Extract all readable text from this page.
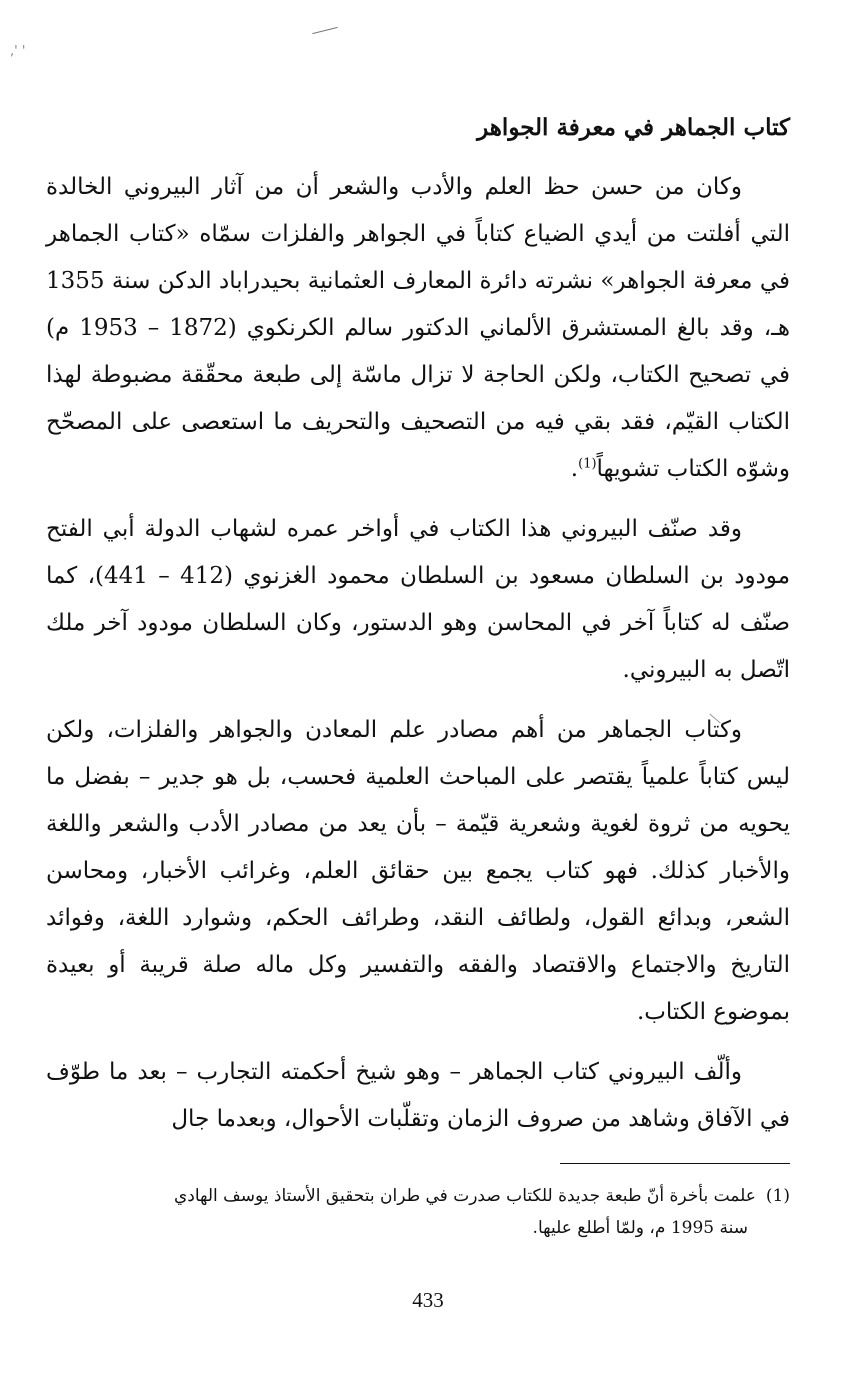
,' '
كتاب الجماهر في معرفة الجواهر

وكان من حسن حظ العلم والأدب والشعر أن من آثار البيروني الخالدة التي أفلتت من أيدي الضياع كتاباً في الجواهر والفلزات سمّاه «كتاب الجماهر في معرفة الجواهر» نشرته دائرة المعارف العثمانية بحيدراباد الدكن سنة 1355 هـ، وقد بالغ المستشرق الألماني الدكتور سالم الكرنكوي (1872 – 1953 م) في تصحيح الكتاب، ولكن الحاجة لا تزال ماسّة إلى طبعة محقّقة مضبوطة لهذا الكتاب القيّم، فقد بقي فيه من التصحيف والتحريف ما استعصى على المصحّح وشوّه الكتاب تشويهاً$^{(1)}$.

وقد صنّف البيروني هذا الكتاب في أواخر عمره لشهاب الدولة أبي الفتح مودود بن السلطان مسعود بن السلطان محمود الغزنوي (412 – 441)، كما صنّف له كتاباً آخر في المحاسن وهو الدستور، وكان السلطان مودود آخر ملك اتّصل به البيروني.

وكتاب الجماهر من أهم مصادر علم المعادن والجواهر والفلزات، ولكن ليس كتاباً علمياً يقتصر على المباحث العلمية فحسب، بل هو جدير – بفضل ما يحويه من ثروة لغوية وشعرية قيّمة – بأن يعد من مصادر الأدب والشعر واللغة والأخبار كذلك. فهو كتاب يجمع بين حقائق العلم، وغرائب الأخبار، ومحاسن الشعر، وبدائع القول، ولطائف النقد، وطرائف الحكم، وشوارد اللغة، وفوائد التاريخ والاجتماع والاقتصاد والفقه والتفسير وكل ماله صلة قريبة أو بعيدة بموضوع الكتاب.

وألّف البيروني كتاب الجماهر – وهو شيخ أحكمته التجارب – بعد ما طوّف في الآفاق وشاهد من صروف الزمان وتقلّبات الأحوال، وبعدما جال

(1)علمت بأخرة أنّ طبعة جديدة للكتاب صدرت في طران بتحقيق الأستاذ يوسف الهادي
سنة 1995 م، ولمّا أطلع عليها.
433
